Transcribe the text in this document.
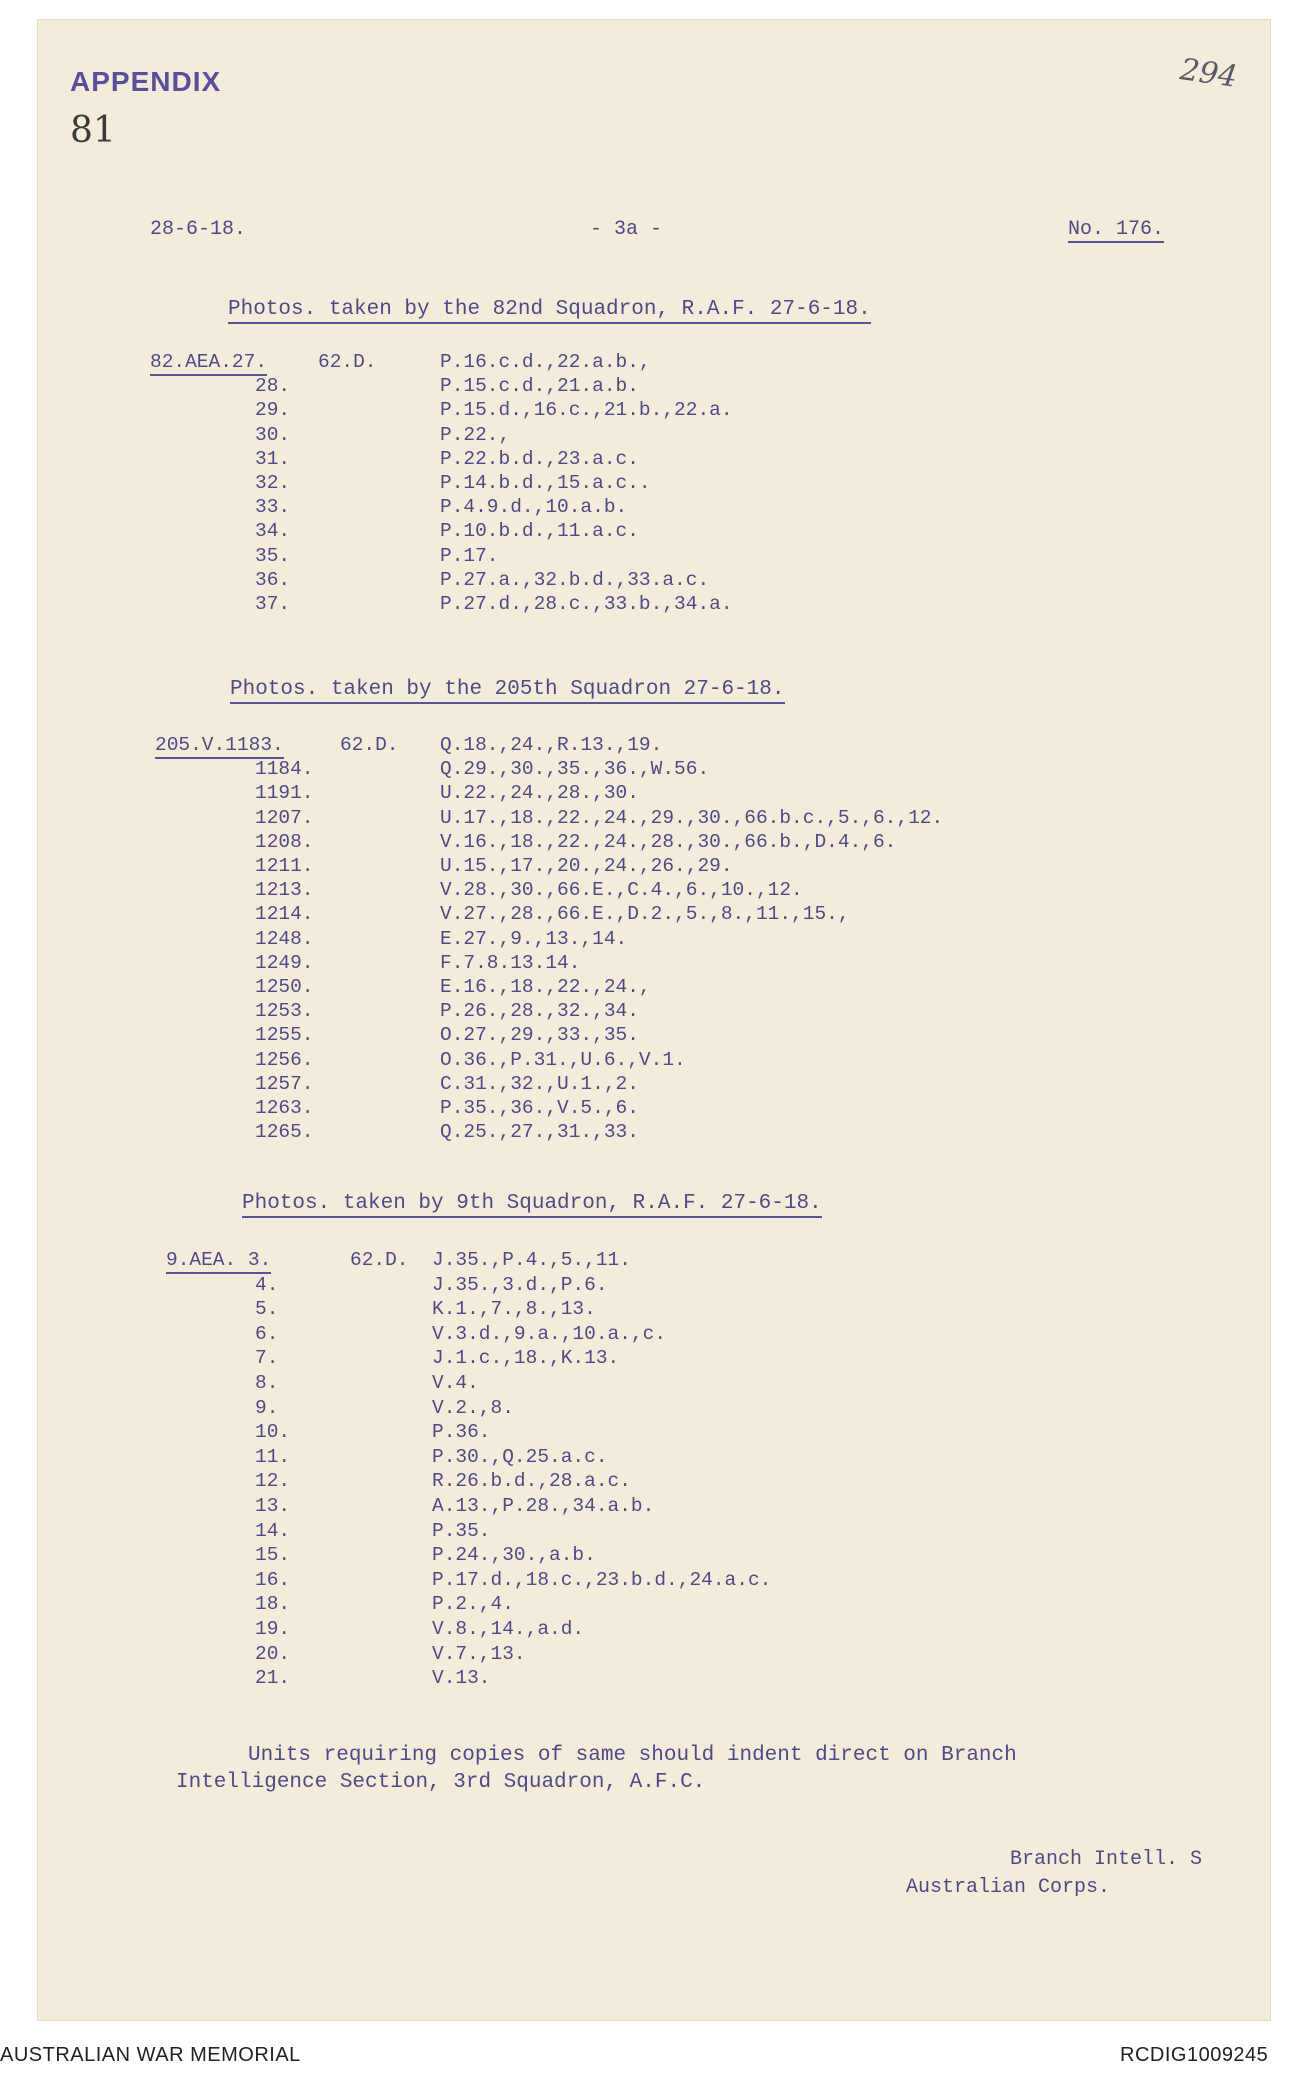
APPENDIX
81
294
28-6-18.	- 3a -	No. 176.
Photos. taken by the 82nd Squadron, R.A.F. 27-6-18.
82.AEA.27.	62.D.	P.16.c.d.,22.a.b.,
28.	P.15.c.d.,21.a.b.
29.	P.15.d.,16.c.,21.b.,22.a.
30.	P.22.,
31.	P.22.b.d.,23.a.c.
32.	P.14.b.d.,15.a.c..
33.	P.4.9.d.,10.a.b.
34.	P.10.b.d.,11.a.c.
35.	P.17.
36.	P.27.a.,32.b.d.,33.a.c.
37.	P.27.d.,28.c.,33.b.,34.a.
Photos. taken by the 205th Squadron 27-6-18.
205.V.1183.	62.D. Q.18.,24.,R.13.,19.
1184.	Q.29.,30.,35.,36.,W.56.
1191.	U.22.,24.,28.,30.
1207.	U.17.,18.,22.,24.,29.,30.,66.b.c.,5.,6.,12.
1208.	V.16.,18.,22.,24.,28.,30.,66.b.,D.4.,6.
1211.	U.15.,17.,20.,24.,26.,29.
1213.	V.28.,30.,66.E.,C.4.,6.,10.,12.
1214.	V.27.,28.,66.E.,D.2.,5.,8.,11.,15.,
1248.	E.27.,9.,13.,14.
1249.	F.7.8.13.14.
1250.	E.16.,18.,22.,24.,
1253.	P.26.,28.,32.,34.
1255.	O.27.,29.,33.,35.
1256.	O.36.,P.31.,U.6.,V.1.
1257.	C.31.,32.,U.1.,2.
1263.	P.35.,36.,V.5.,6.
1265.	Q.25.,27.,31.,33.
Photos. taken by 9th Squadron, R.A.F. 27-6-18.
9.AEA. 3.	62.D. J.35.,P.4.,5.,11.
4.	J.35.,3.d.,P.6.
5.	K.1.,7.,8.,13.
6.	V.3.d.,9.a.,10.a.,c.
7.	J.1.c.,18.,K.13.
8.	V.4.
9.	V.2.,8.
10.	P.36.
11.	P.30.,Q.25.a.c.
12.	R.26.b.d.,28.a.c.
13.	A.13.,P.28.,34.a.b.
14.	P.35.
15.	P.24.,30.,a.b.
16.	P.17.d.,18.c.,23.b.d.,24.a.c.
18.	P.2.,4.
19.	V.8.,14.,a.d.
20.	V.7.,13.
21.	V.13.
Units requiring copies of same should indent direct on Branch
Intelligence Section, 3rd Squadron, A.F.C.
Branch Intell. S
Australian Corps.
AUSTRALIAN WAR MEMORIAL	RCDIG1009245
